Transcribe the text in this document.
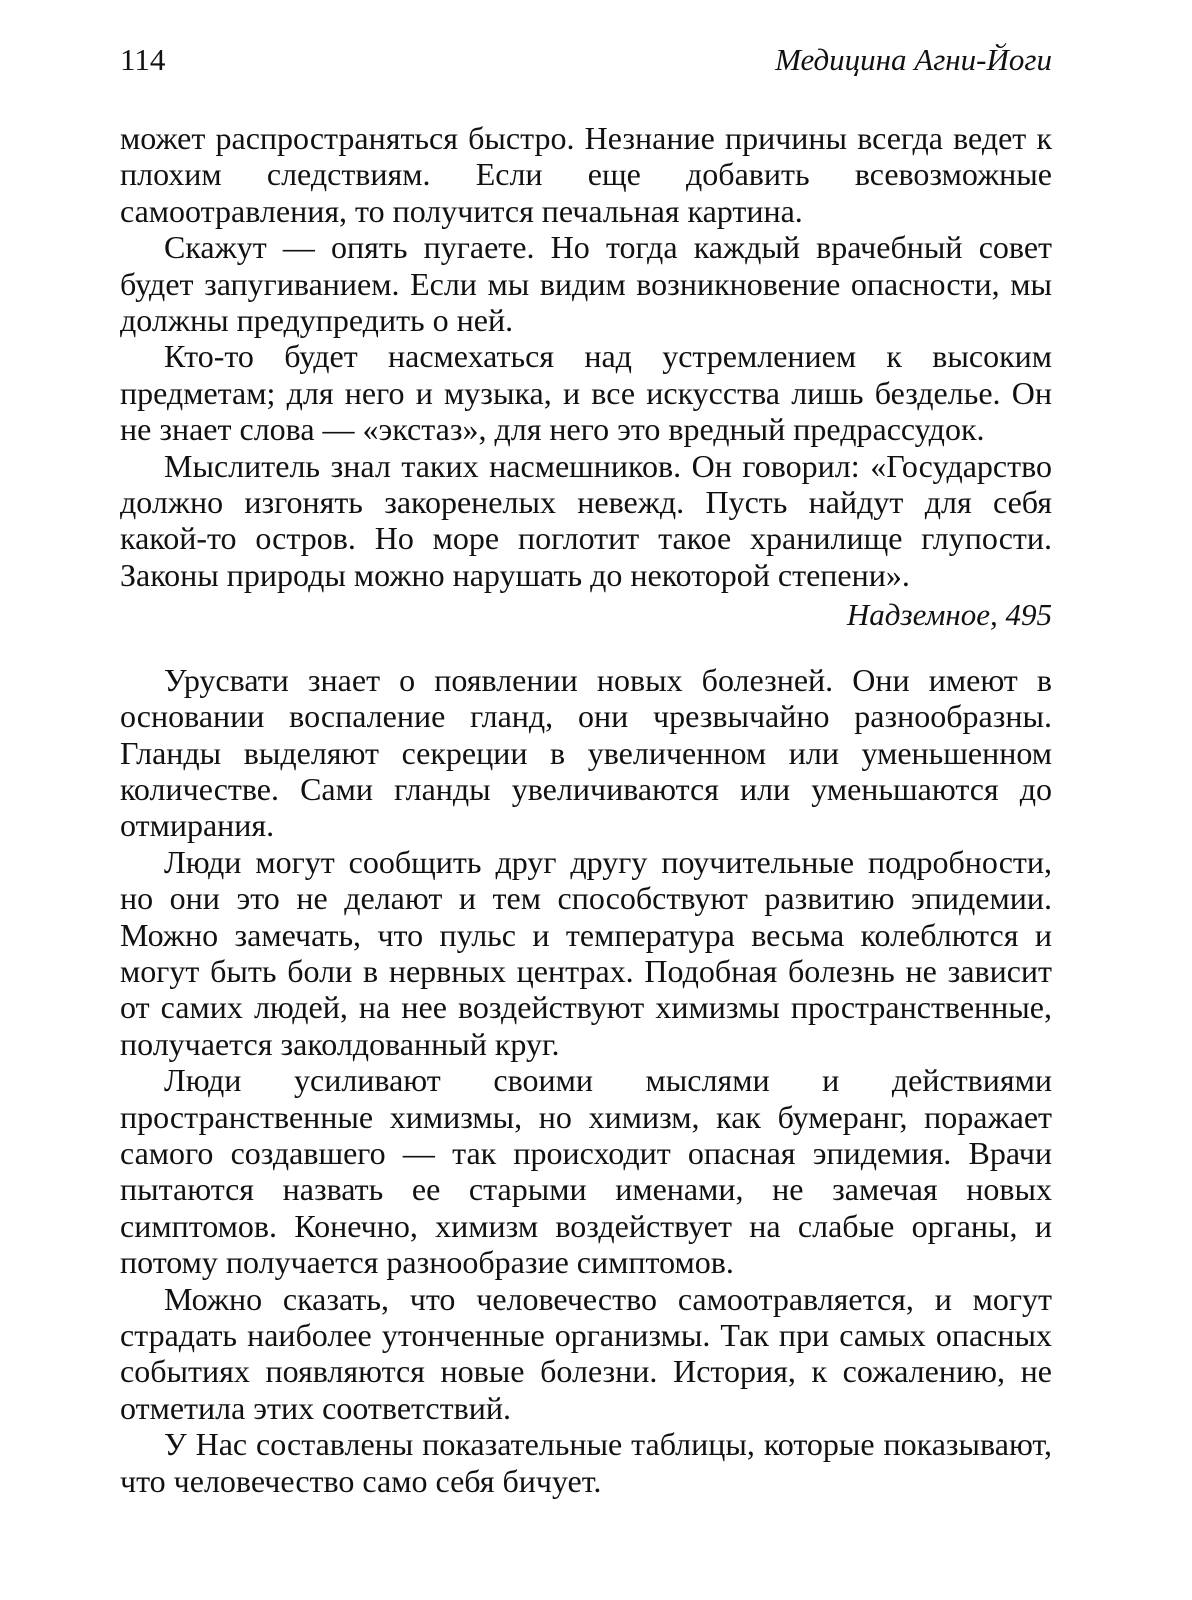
114	Медицина Агни-Йоги

может распространяться быстро. Незнание причины всегда ведет к плохим следствиям. Если еще добавить всевозможные самоотравления, то получится печальная картина.

Скажут — опять пугаете. Но тогда каждый врачебный совет будет запугиванием. Если мы видим возникновение опасности, мы должны предупредить о ней.

Кто-то будет насмехаться над устремлением к высоким предметам; для него и музыка, и все искусства лишь безделье. Он не знает слова — «экстаз», для него это вредный предрассудок.

Мыслитель знал таких насмешников. Он говорил: «Государство должно изгонять закоренелых невежд. Пусть найдут для себя какой-то остров. Но море поглотит такое хранилище глупости. Законы природы можно нарушать до некоторой степени».

Надземное, 495

Урусвати знает о появлении новых болезней. Они имеют в основании воспаление гланд, они чрезвычайно разнообразны. Гланды выделяют секреции в увеличенном или уменьшенном количестве. Сами гланды увеличиваются или уменьшаются до отмирания.

Люди могут сообщить друг другу поучительные подробности, но они это не делают и тем способствуют развитию эпидемии. Можно замечать, что пульс и температура весьма колеблются и могут быть боли в нервных центрах. Подобная болезнь не зависит от самих людей, на нее воздействуют химизмы пространственные, получается заколдованный круг.

Люди усиливают своими мыслями и действиями пространственные химизмы, но химизм, как бумеранг, поражает самого создавшего — так происходит опасная эпидемия. Врачи пытаются назвать ее старыми именами, не замечая новых симптомов. Конечно, химизм воздействует на слабые органы, и потому получается разнообразие симптомов.

Можно сказать, что человечество самоотравляется, и могут страдать наиболее утонченные организмы. Так при самых опасных событиях появляются новые болезни. История, к сожалению, не отметила этих соответствий.

У Нас составлены показательные таблицы, которые показывают, что человечество само себя бичует.
